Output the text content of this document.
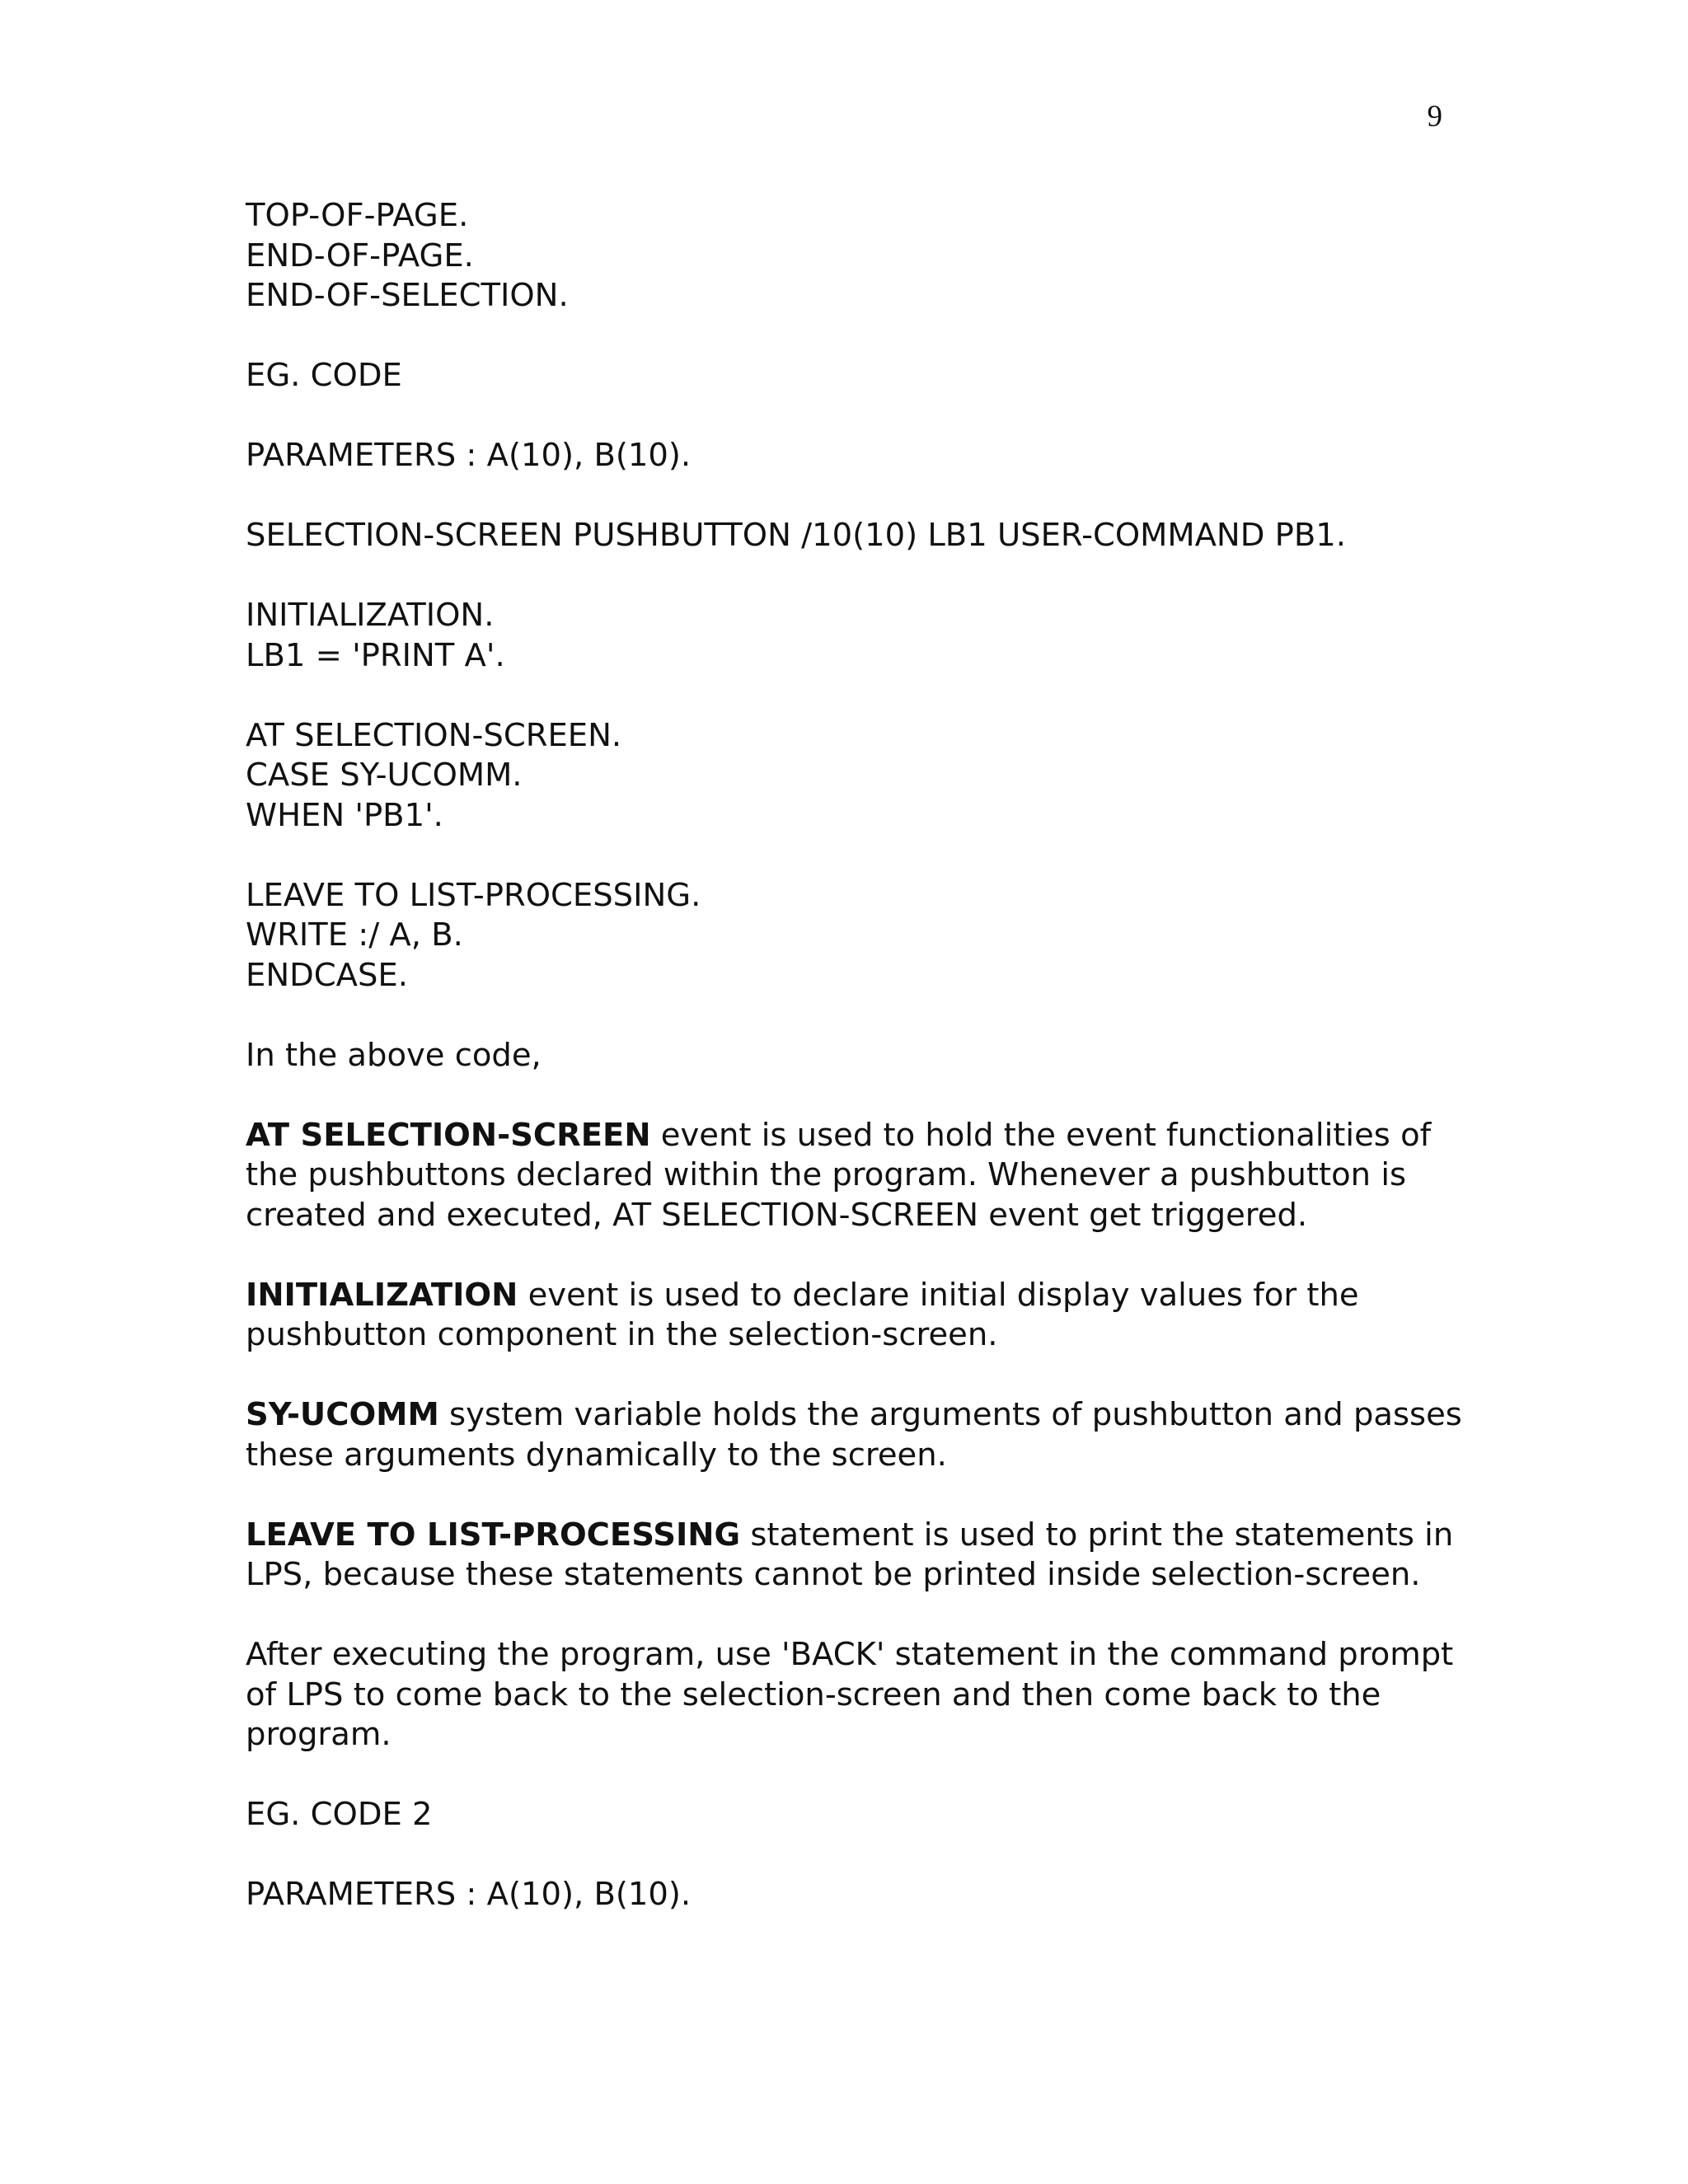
9
TOP-OF-PAGE.
END-OF-PAGE.
END-OF-SELECTION.
EG. CODE
PARAMETERS : A(10), B(10).
SELECTION-SCREEN PUSHBUTTON /10(10) LB1 USER-COMMAND PB1.
INITIALIZATION.
LB1 = 'PRINT A'.
AT SELECTION-SCREEN.
CASE SY-UCOMM.
WHEN 'PB1'.
LEAVE TO LIST-PROCESSING.
WRITE :/ A, B.
ENDCASE.
In the above code,
AT SELECTION-SCREEN event is used to hold the event functionalities of
the pushbuttons declared within the program. Whenever a pushbutton is
created and executed, AT SELECTION-SCREEN event get triggered.
INITIALIZATION event is used to declare initial display values for the
pushbutton component in the selection-screen.
SY-UCOMM system variable holds the arguments of pushbutton and passes
these arguments dynamically to the screen.
LEAVE TO LIST-PROCESSING statement is used to print the statements in
LPS, because these statements cannot be printed inside selection-screen.
After executing the program, use 'BACK' statement in the command prompt
of LPS to come back to the selection-screen and then come back to the
program.
EG. CODE 2
PARAMETERS : A(10), B(10).
